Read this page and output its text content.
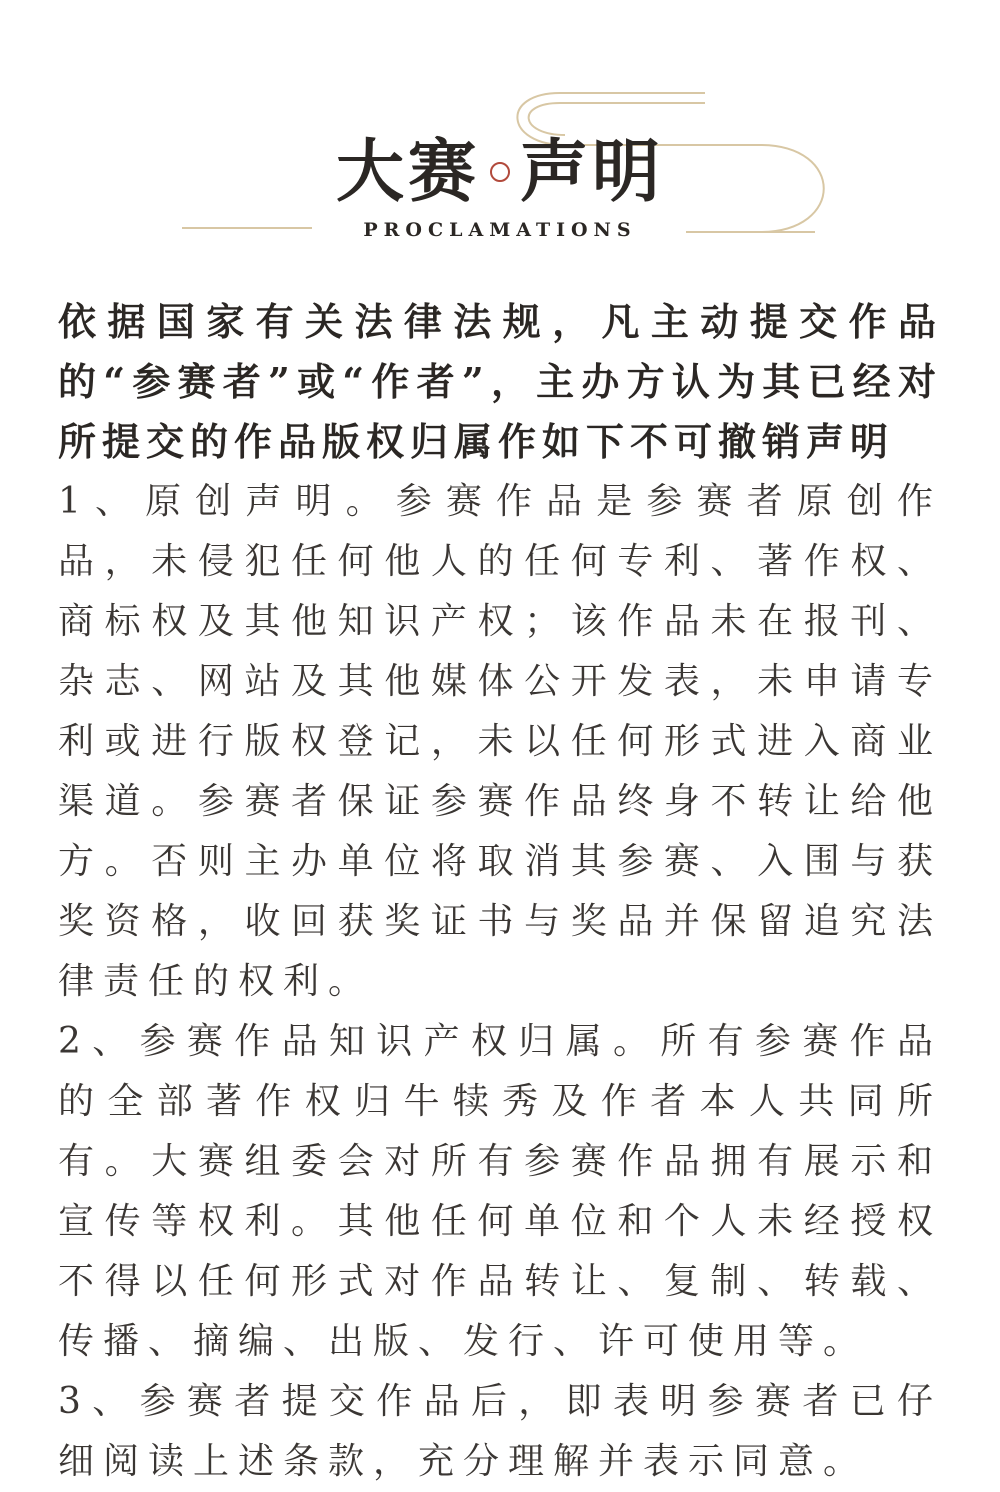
大赛 声明
PROCLAMATIONS

依据国家有关法律法规，凡主动提交作品的“参赛者”或“作者”，主办方认为其已经对所提交的作品版权归属作如下不可撤销声明

1、原创声明。参赛作品是参赛者原创作品，未侵犯任何他人的任何专利、著作权、商标权及其他知识产权；该作品未在报刊、杂志、网站及其他媒体公开发表，未申请专利或进行版权登记，未以任何形式进入商业渠道。参赛者保证参赛作品终身不转让给他方。否则主办单位将取消其参赛、入围与获奖资格，收回获奖证书与奖品并保留追究法律责任的权利。

2、参赛作品知识产权归属。所有参赛作品的全部著作权归牛犊秀及作者本人共同所有。大赛组委会对所有参赛作品拥有展示和宣传等权利。其他任何单位和个人未经授权不得以任何形式对作品转让、复制、转载、传播、摘编、出版、发行、许可使用等。

3、参赛者提交作品后，即表明参赛者已仔细阅读上述条款，充分理解并表示同意。
